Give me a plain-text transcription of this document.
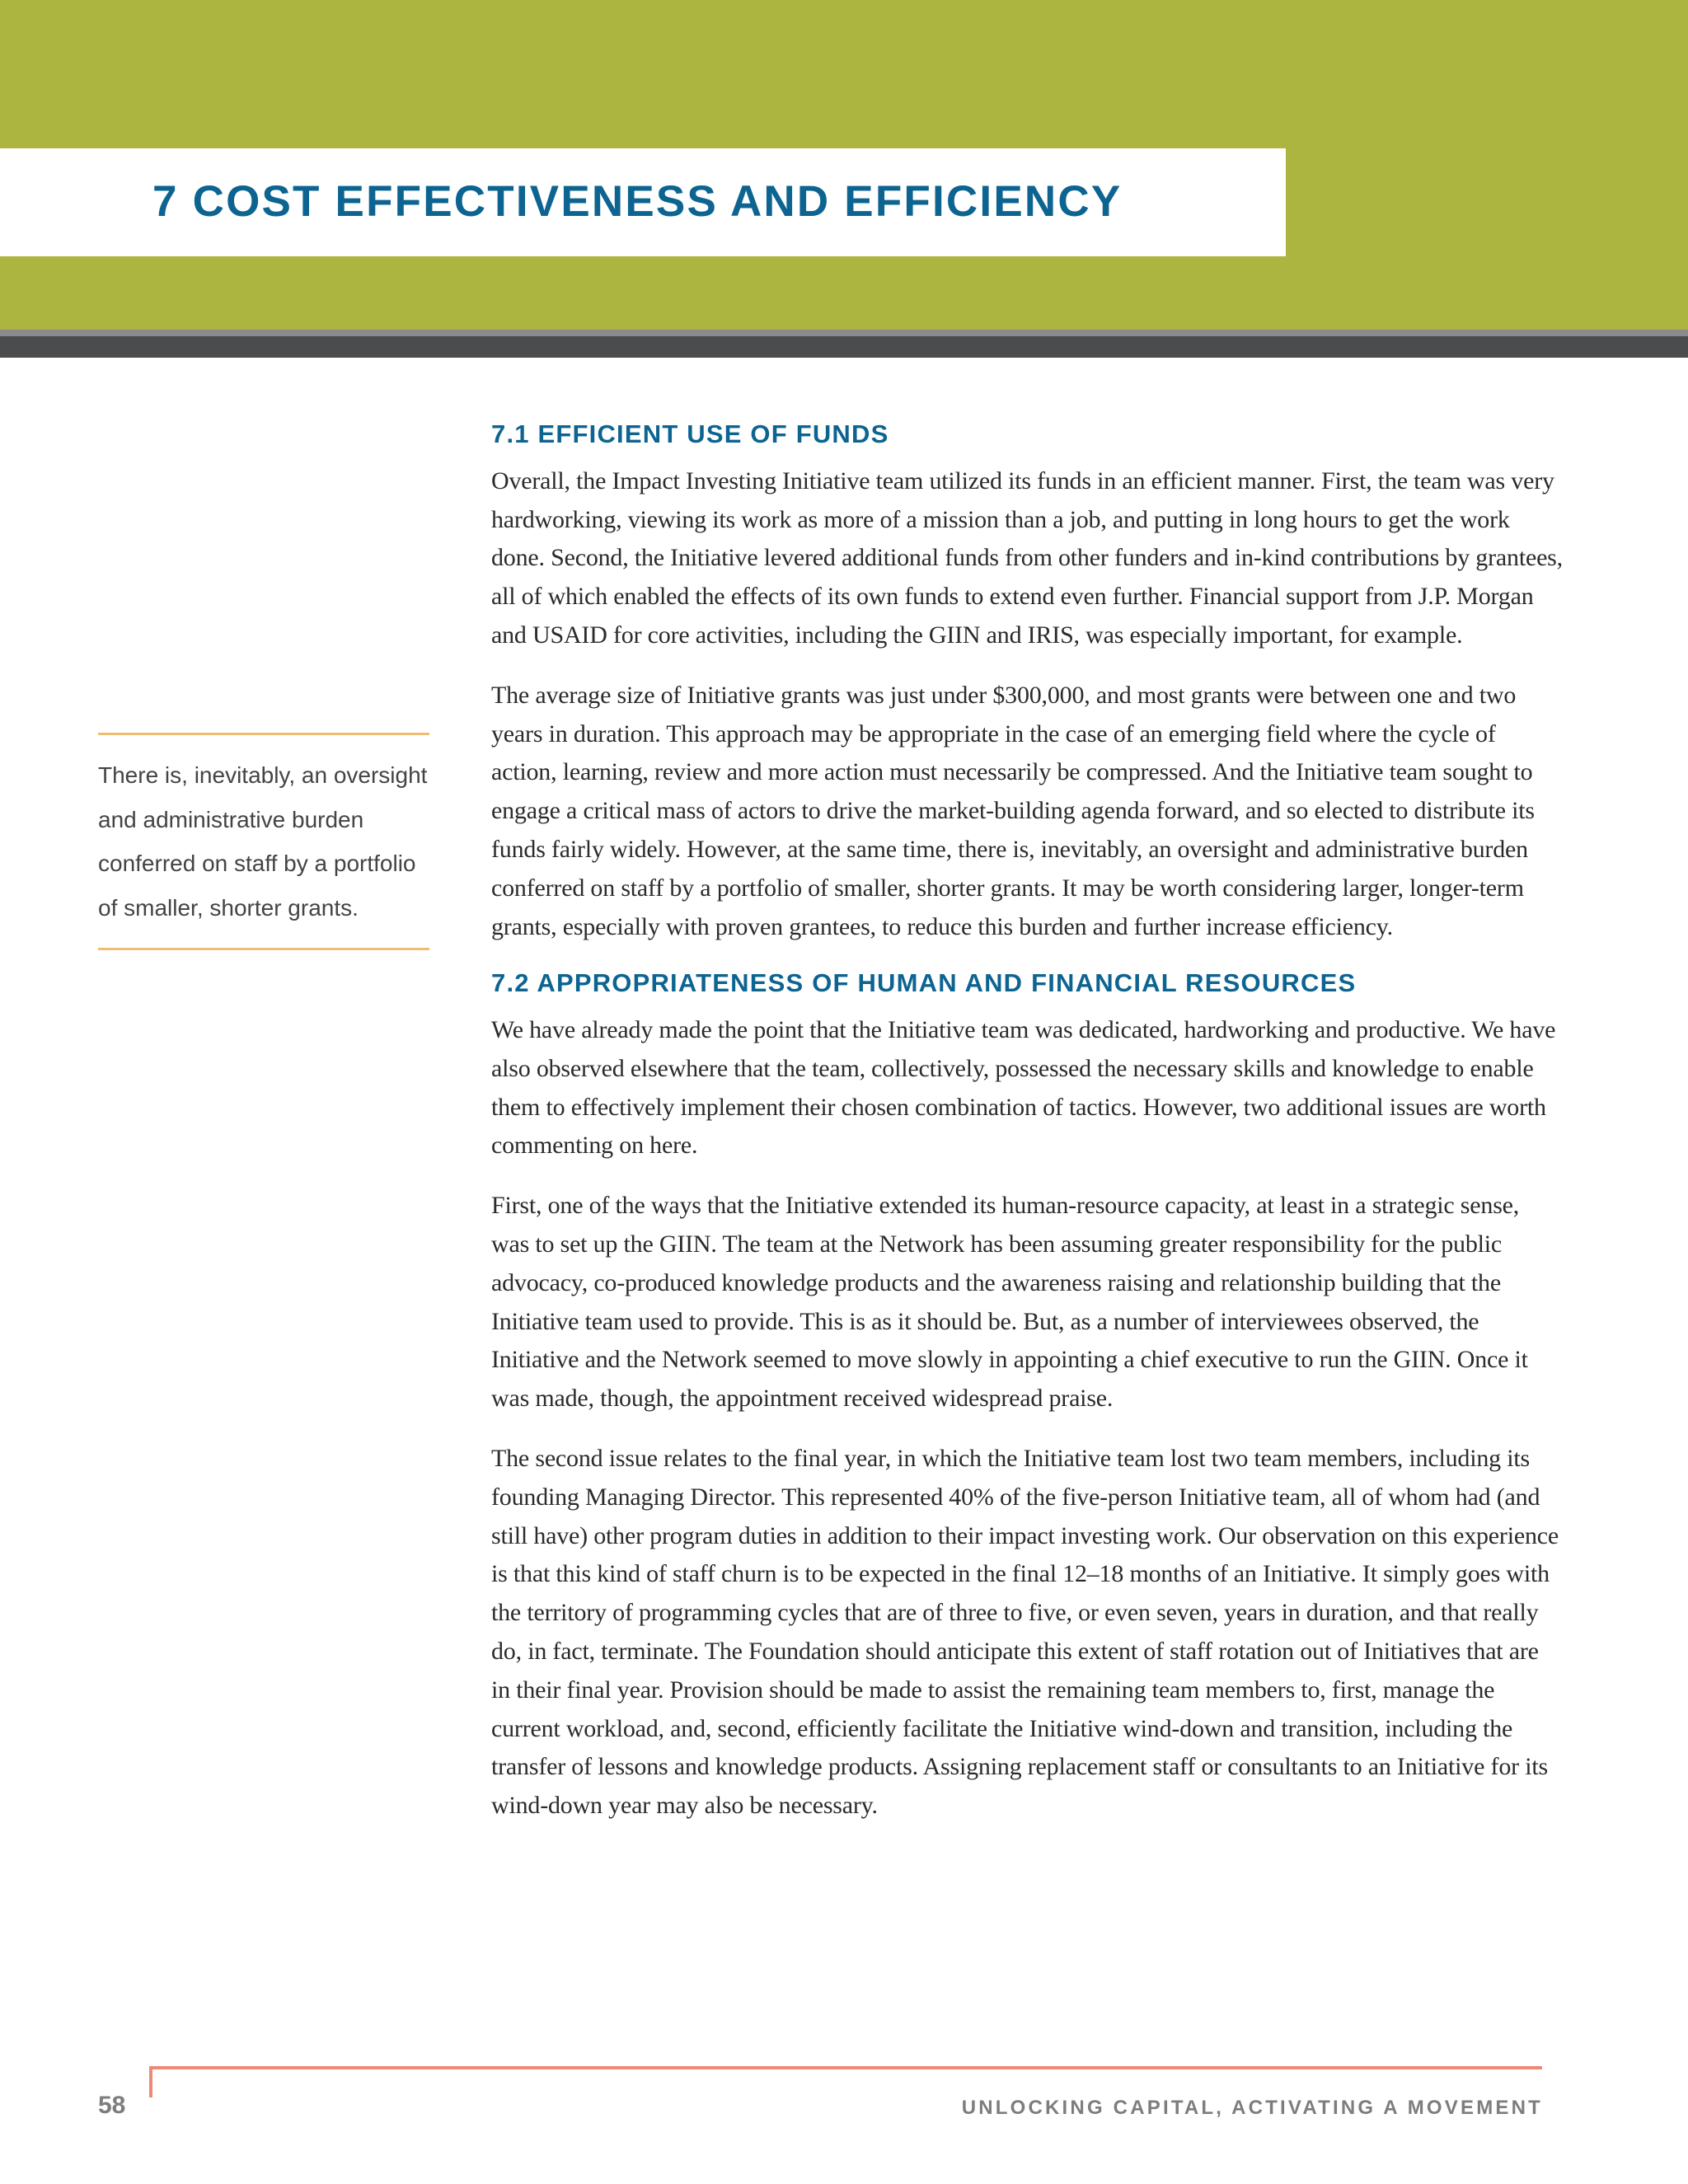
7 COST EFFECTIVENESS AND EFFICIENCY
7.1 EFFICIENT USE OF FUNDS

Overall, the Impact Investing Initiative team utilized its funds in an efficient manner. First, the team was very hardworking, viewing its work as more of a mission than a job, and putting in long hours to get the work done. Second, the Initiative levered additional funds from other funders and in-kind contributions by grantees, all of which enabled the effects of its own funds to extend even further. Financial support from J.P. Morgan and USAID for core activities, including the GIIN and IRIS, was especially important, for example.

The average size of Initiative grants was just under $300,000, and most grants were between one and two years in duration. This approach may be appropriate in the case of an emerging field where the cycle of action, learning, review and more action must necessarily be compressed. And the Initiative team sought to engage a critical mass of actors to drive the market-building agenda forward, and so elected to distribute its funds fairly widely. However, at the same time, there is, inevitably, an oversight and administrative burden conferred on staff by a portfolio of smaller, shorter grants. It may be worth considering larger, longer-term grants, especially with proven grantees, to reduce this burden and further increase efficiency.

7.2 APPROPRIATENESS OF HUMAN AND FINANCIAL RESOURCES

We have already made the point that the Initiative team was dedicated, hardworking and productive. We have also observed elsewhere that the team, collectively, possessed the necessary skills and knowledge to enable them to effectively implement their chosen combination of tactics. However, two additional issues are worth commenting on here.

First, one of the ways that the Initiative extended its human-resource capacity, at least in a strategic sense, was to set up the GIIN. The team at the Network has been assuming greater responsibility for the public advocacy, co-produced knowledge products and the awareness raising and relationship building that the Initiative team used to provide. This is as it should be. But, as a number of interviewees observed, the Initiative and the Network seemed to move slowly in appointing a chief executive to run the GIIN. Once it was made, though, the appointment received widespread praise.

The second issue relates to the final year, in which the Initiative team lost two team members, including its founding Managing Director. This represented 40% of the five-person Initiative team, all of whom had (and still have) other program duties in addition to their impact investing work. Our observation on this experience is that this kind of staff churn is to be expected in the final 12–18 months of an Initiative. It simply goes with the territory of programming cycles that are of three to five, or even seven, years in duration, and that really do, in fact, terminate. The Foundation should anticipate this extent of staff rotation out of Initiatives that are in their final year. Provision should be made to assist the remaining team members to, first, manage the current workload, and, second, efficiently facilitate the Initiative wind-down and transition, including the transfer of lessons and knowledge products. Assigning replacement staff or consultants to an Initiative for its wind-down year may also be necessary.

There is, inevitably, an oversight and administrative burden conferred on staff by a portfolio of smaller, shorter grants.

58	UNLOCKING CAPITAL, ACTIVATING A MOVEMENT
